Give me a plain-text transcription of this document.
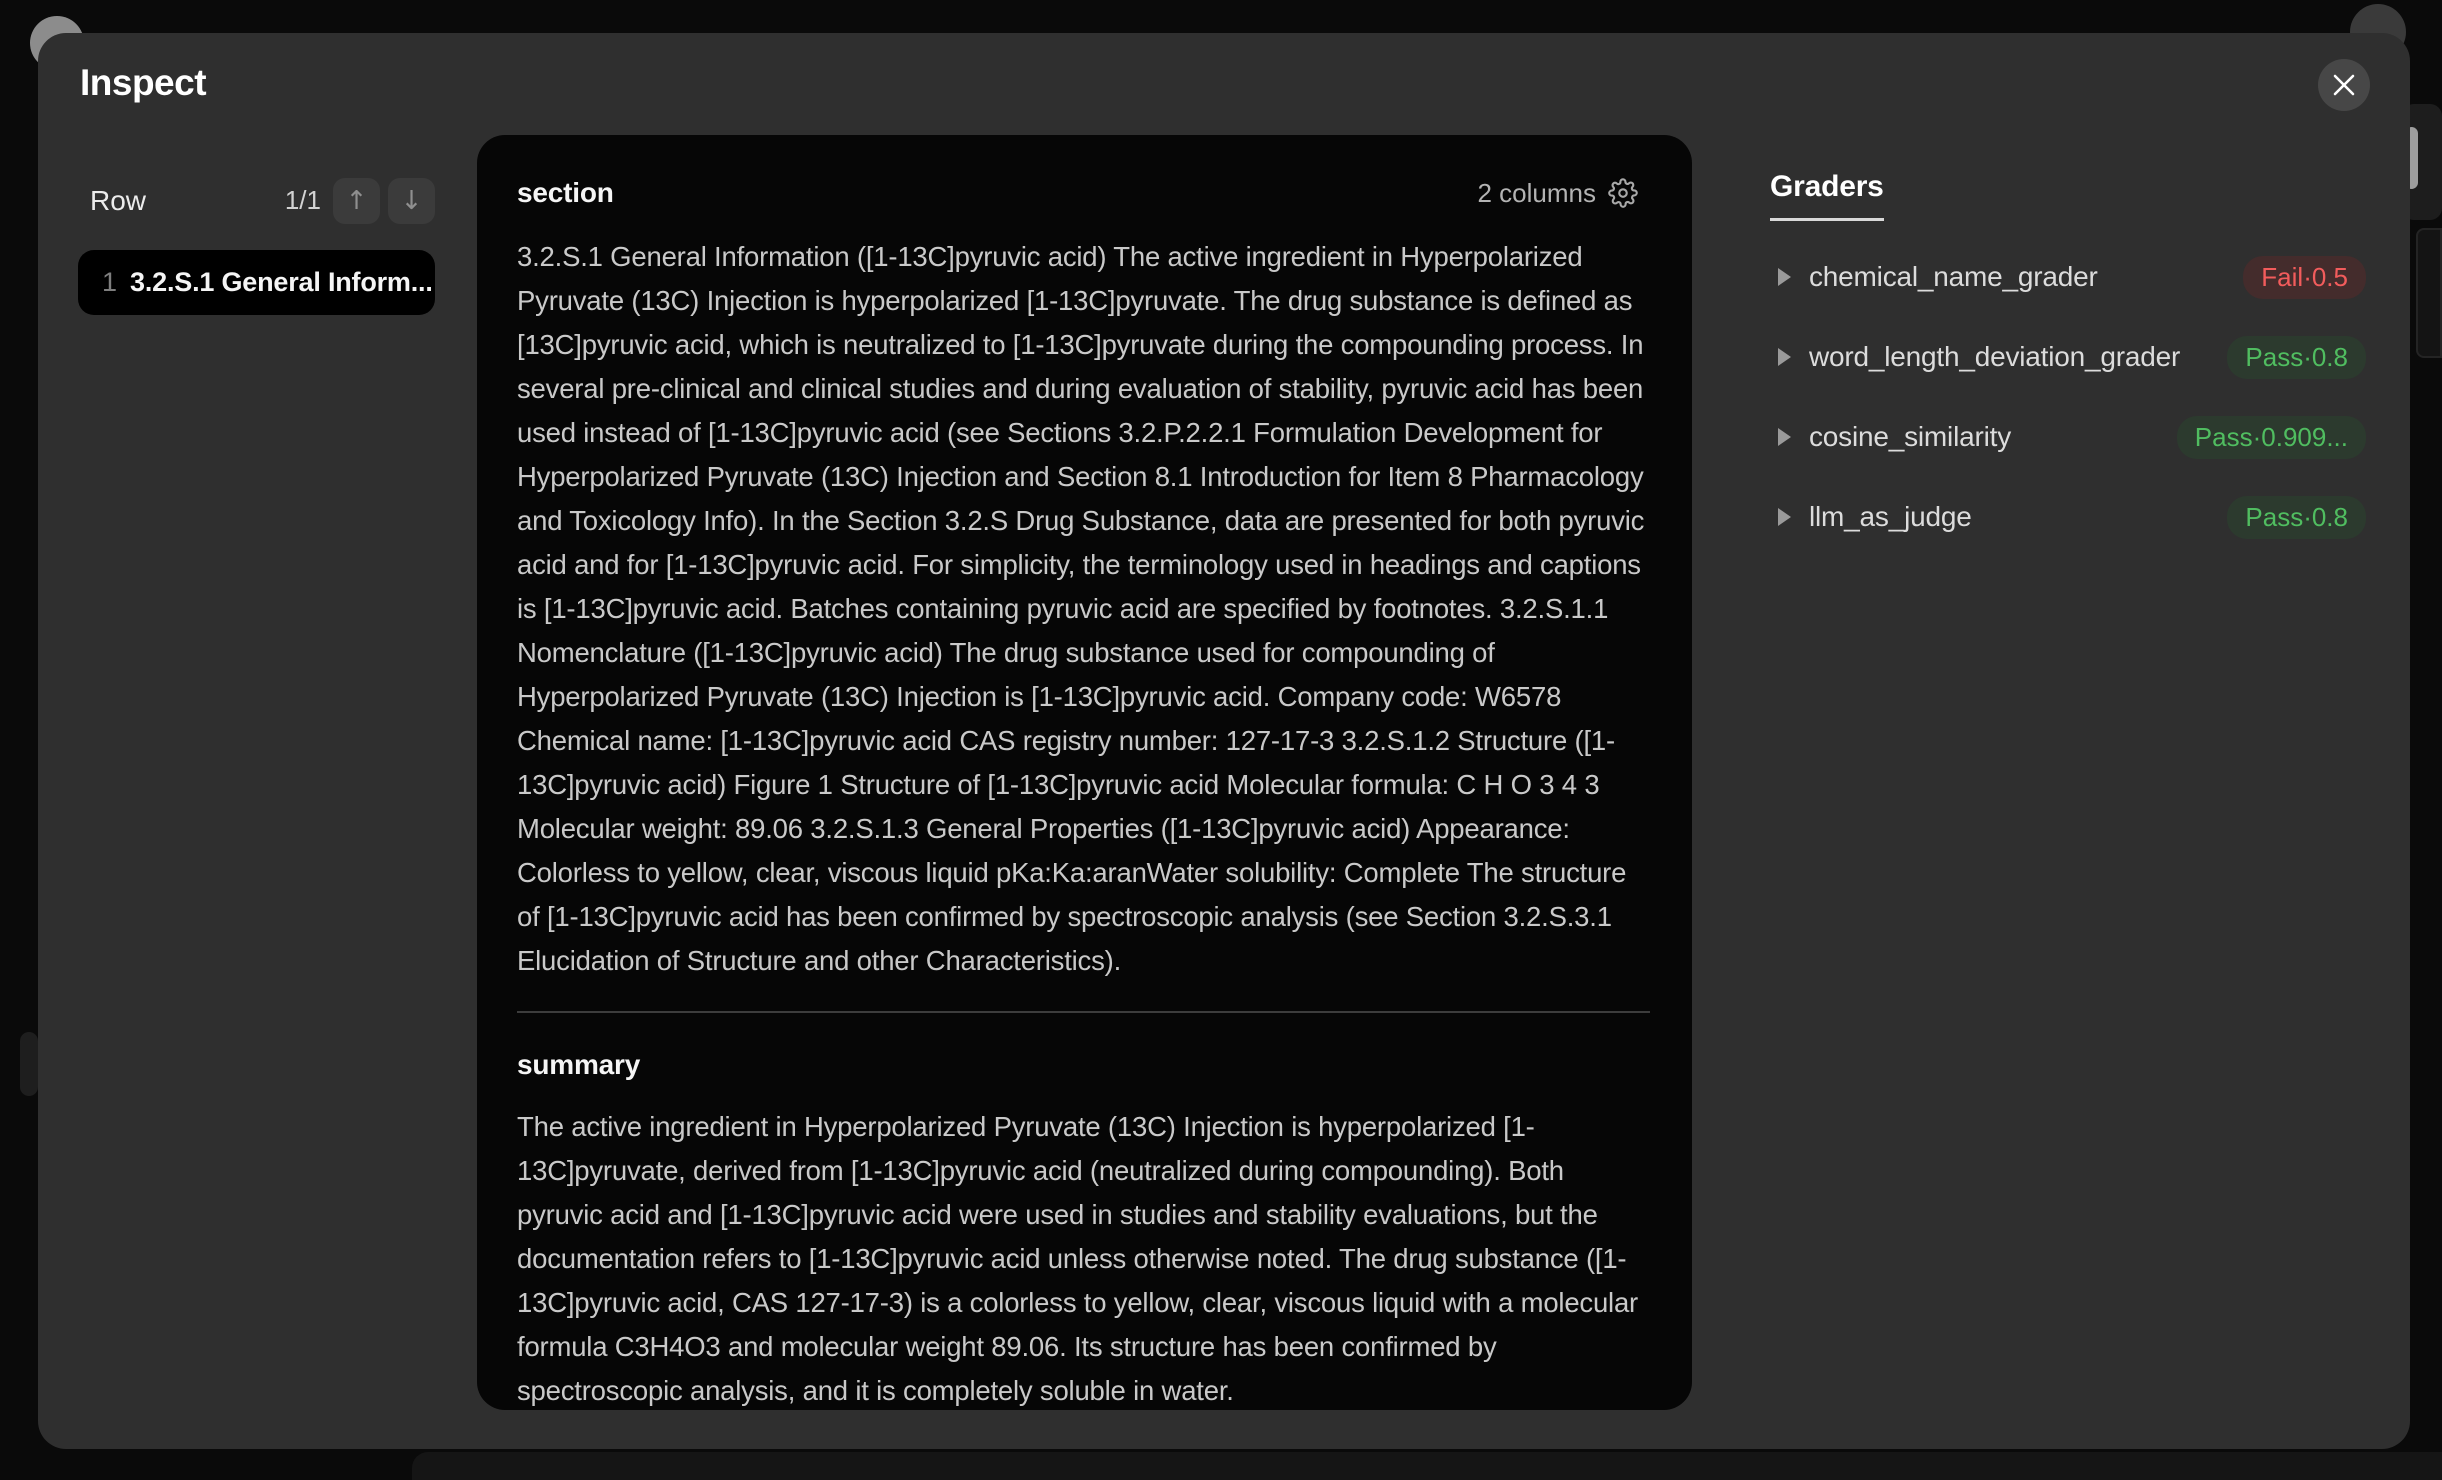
Inspect
Row	1/1 ↑ ↓
1 3.2.S.1 General Inform...
section	2 columns
3.2.S.1 General Information ([1-13C]pyruvic acid) The active ingredient in Hyperpolarized Pyruvate (13C) Injection is hyperpolarized [1-13C]pyruvate. The drug substance is defined as [13C]pyruvic acid, which is neutralized to [1-13C]pyruvate during the compounding process. In several pre-clinical and clinical studies and during evaluation of stability, pyruvic acid has been used instead of [1-13C]pyruvic acid (see Sections 3.2.P.2.2.1 Formulation Development for Hyperpolarized Pyruvate (13C) Injection and Section 8.1 Introduction for Item 8 Pharmacology and Toxicology Info). In the Section 3.2.S Drug Substance, data are presented for both pyruvic acid and for [1-13C]pyruvic acid. For simplicity, the terminology used in headings and captions is [1-13C]pyruvic acid. Batches containing pyruvic acid are specified by footnotes. 3.2.S.1.1 Nomenclature ([1-13C]pyruvic acid) The drug substance used for compounding of Hyperpolarized Pyruvate (13C) Injection is [1-13C]pyruvic acid. Company code: W6578 Chemical name: [1-13C]pyruvic acid CAS registry number: 127-17-3 3.2.S.1.2 Structure ([1-13C]pyruvic acid) Figure 1 Structure of [1-13C]pyruvic acid Molecular formula: C H O 3 4 3 Molecular weight: 89.06 3.2.S.1.3 General Properties ([1-13C]pyruvic acid) Appearance: Colorless to yellow, clear, viscous liquid pKa:Ka:aranWater solubility: Complete The structure of [1-13C]pyruvic acid has been confirmed by spectroscopic analysis (see Section 3.2.S.3.1 Elucidation of Structure and other Characteristics).
summary
The active ingredient in Hyperpolarized Pyruvate (13C) Injection is hyperpolarized [1-13C]pyruvate, derived from [1-13C]pyruvic acid (neutralized during compounding). Both pyruvic acid and [1-13C]pyruvic acid were used in studies and stability evaluations, but the documentation refers to [1-13C]pyruvic acid unless otherwise noted. The drug substance ([1-13C]pyruvic acid, CAS 127-17-3) is a colorless to yellow, clear, viscous liquid with a molecular formula C3H4O3 and molecular weight 89.06. Its structure has been confirmed by spectroscopic analysis, and it is completely soluble in water.
Graders
chemical_name_grader	Fail·0.5
word_length_deviation_grader	Pass·0.8
cosine_similarity	Pass·0.909...
llm_as_judge	Pass·0.8
